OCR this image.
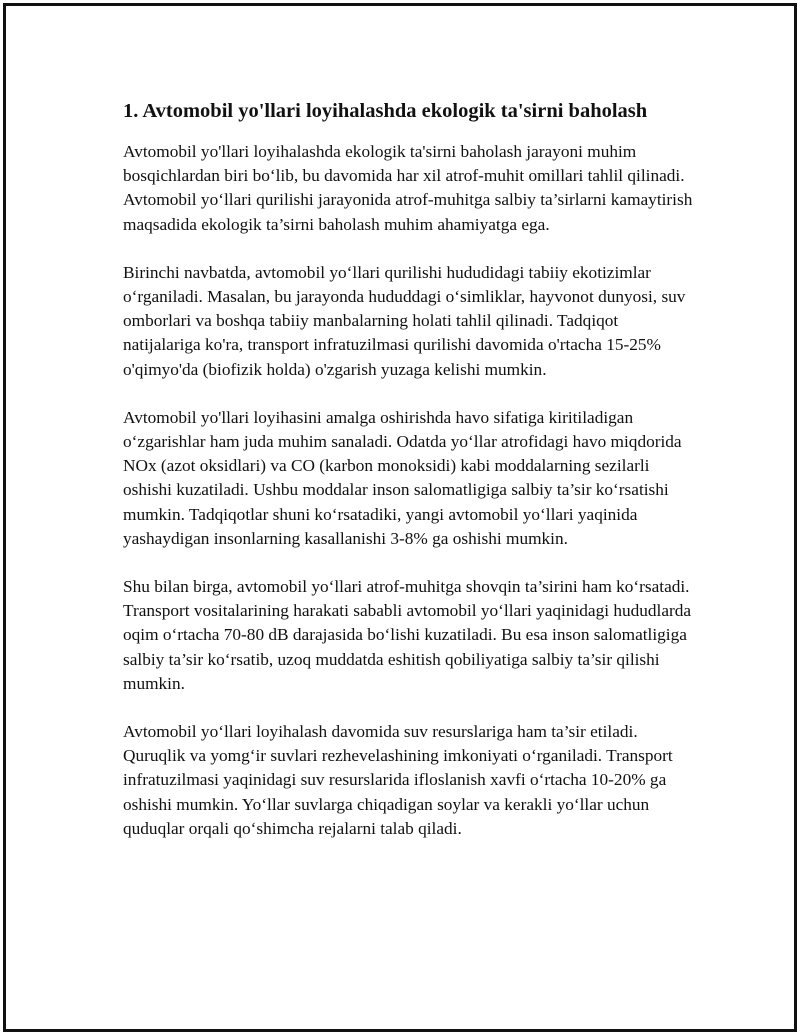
1. Avtomobil yo'llari loyihalashda ekologik ta'sirni baholash

Avtomobil yo'llari loyihalashda ekologik ta'sirni baholash jarayoni muhim bosqichlardan biri bo‘lib, bu davomida har xil atrof-muhit omillari tahlil qilinadi. Avtomobil yo‘llari qurilishi jarayonida atrof-muhitga salbiy ta’sirlarni kamaytirish maqsadida ekologik ta’sirni baholash muhim ahamiyatga ega.

Birinchi navbatda, avtomobil yo‘llari qurilishi hududidagi tabiiy ekotizimlar o‘rganiladi. Masalan, bu jarayonda hududdagi o‘simliklar, hayvonot dunyosi, suv omborlari va boshqa tabiiy manbalarning holati tahlil qilinadi. Tadqiqot natijalariga ko'ra, transport infratuzilmasi qurilishi davomida o'rtacha 15-25% o'qimyo'da (biofizik holda) o'zgarish yuzaga kelishi mumkin.

Avtomobil yo'llari loyihasini amalga oshirishda havo sifatiga kiritiladigan o‘zgarishlar ham juda muhim sanaladi. Odatda yo‘llar atrofidagi havo miqdorida NOx (azot oksidlari) va CO (karbon monoksidi) kabi moddalarning sezilarli oshishi kuzatiladi. Ushbu moddalar inson salomatligiga salbiy ta’sir ko‘rsatishi mumkin. Tadqiqotlar shuni ko‘rsatadiki, yangi avtomobil yo‘llari yaqinida yashaydigan insonlarning kasallanishi 3-8% ga oshishi mumkin.

Shu bilan birga, avtomobil yo‘llari atrof-muhitga shovqin ta’sirini ham ko‘rsatadi. Transport vositalarining harakati sababli avtomobil yo‘llari yaqinidagi hududlarda oqim o‘rtacha 70-80 dB darajasida bo‘lishi kuzatiladi. Bu esa inson salomatligiga salbiy ta’sir ko‘rsatib, uzoq muddatda eshitish qobiliyatiga salbiy ta’sir qilishi mumkin.

Avtomobil yo‘llari loyihalash davomida suv resurslariga ham ta’sir etiladi. Quruqlik va yomg‘ir suvlari rezhevelashining imkoniyati o‘rganiladi. Transport infratuzilmasi yaqinidagi suv resurslarida ifloslanish xavfi o‘rtacha 10-20% ga oshishi mumkin. Yo‘llar suvlarga chiqadigan soylar va kerakli yo‘llar uchun quduqlar orqali qo‘shimcha rejalarni talab qiladi.
